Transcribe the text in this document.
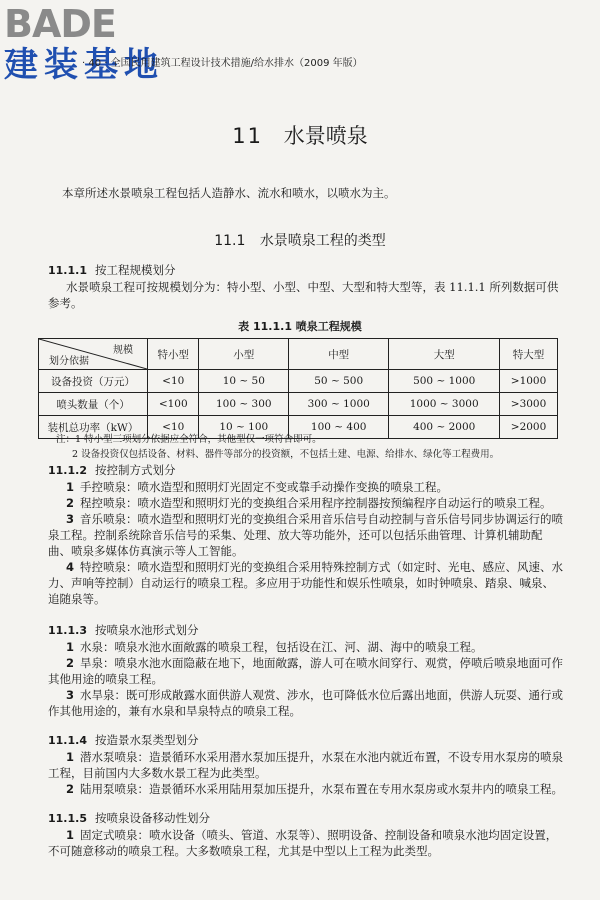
BADE
建装基地
· 40 · 全国民用建筑工程设计技术措施/给水排水（2009 年版）
11 水景喷泉
本章所述水景喷泉工程包括人造静水、流水和喷水，以喷水为主。
11.1 水景喷泉工程的类型
11.1.1 按工程规模划分

水景喷泉工程可按规模划分为：特小型、小型、中型、大型和特大型等，表 11.1.1 所列数据可供参考。

表 11.1.1 喷泉工程规模
规模
划分依据	特小型	小型	中型	大型	特大型
设备投资（万元）	<10	10 ~ 50	50 ~ 500	500 ~ 1000	>1000
喷头数量（个）	<100	100 ~ 300	300 ~ 1000	1000 ~ 3000	>3000
装机总功率（kW）	<10	10 ~ 100	100 ~ 400	400 ~ 2000	>2000
注：1 特小型三项划分依据应全符合，其他型仅一项符合即可。
2 设备投资仅包括设备、材料、器件等部分的投资额，不包括土建、电源、给排水、绿化等工程费用。
11.1.2 按控制方式划分

1 手控喷泉：喷水造型和照明灯光固定不变或靠手动操作变换的喷泉工程。

2 程控喷泉：喷水造型和照明灯光的变换组合采用程序控制器按预编程序自动运行的喷泉工程。

3 音乐喷泉：喷水造型和照明灯光的变换组合采用音乐信号自动控制与音乐信号同步协调运行的喷泉工程。控制系统除音乐信号的采集、处理、放大等功能外，还可以包括乐曲管理、计算机辅助配曲、喷泉多媒体仿真演示等人工智能。

4 特控喷泉：喷水造型和照明灯光的变换组合采用特殊控制方式（如定时、光电、感应、风速、水力、声响等控制）自动运行的喷泉工程。多应用于功能性和娱乐性喷泉，如时钟喷泉、踏泉、喊泉、追随泉等。

11.1.3 按喷泉水池形式划分

1 水泉：喷泉水池水面敞露的喷泉工程，包括设在江、河、湖、海中的喷泉工程。

2 旱泉：喷泉水池水面隐蔽在地下，地面敞露，游人可在喷水间穿行、观赏，停喷后喷泉地面可作其他用途的喷泉工程。

3 水旱泉：既可形成敞露水面供游人观赏、涉水，也可降低水位后露出地面，供游人玩耍、通行或作其他用途的，兼有水泉和旱泉特点的喷泉工程。

11.1.4 按造景水泵类型划分

1 潜水泵喷泉：造景循环水采用潜水泵加压提升，水泵在水池内就近布置，不设专用水泵房的喷泉工程，目前国内大多数水景工程为此类型。

2 陆用泵喷泉：造景循环水采用陆用泵加压提升，水泵布置在专用水泵房或水泵井内的喷泉工程。

11.1.5 按喷泉设备移动性划分

1 固定式喷泉：喷水设备（喷头、管道、水泵等）、照明设备、控制设备和喷泉水池均固定设置，不可随意移动的喷泉工程。大多数喷泉工程，尤其是中型以上工程为此类型。
